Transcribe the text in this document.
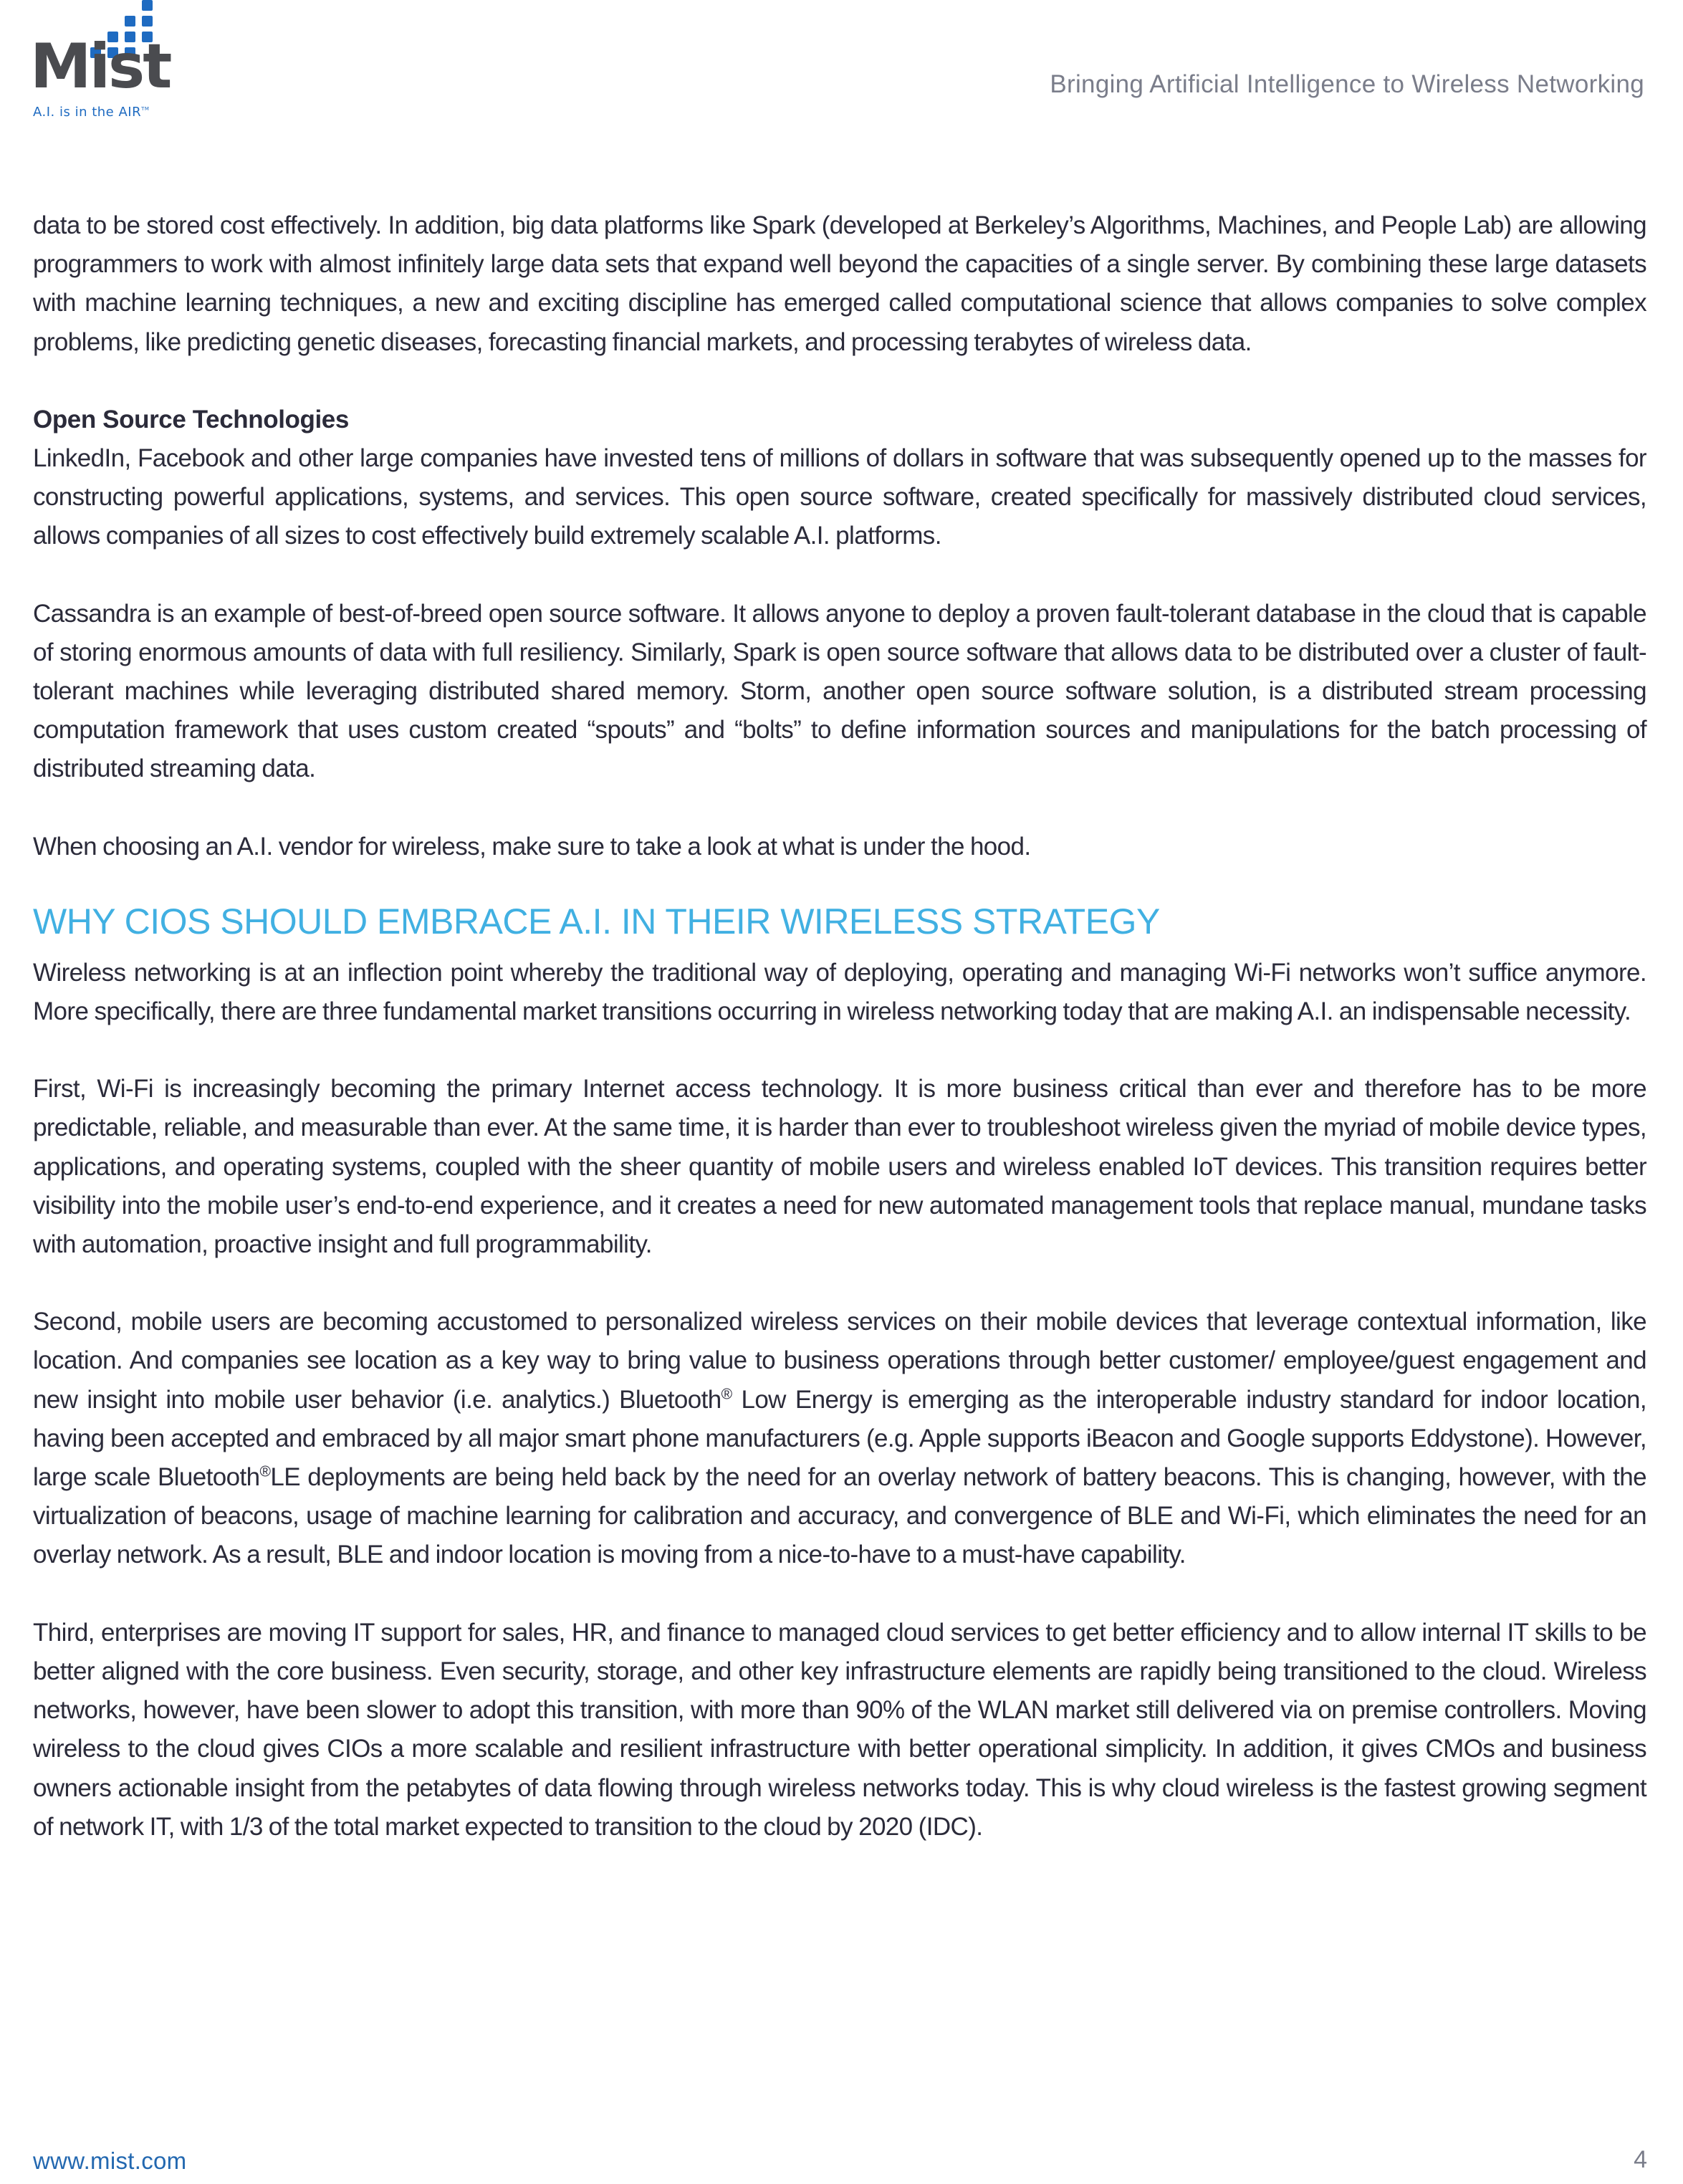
Mist
A.I. is in the AIR™
Bringing Artificial Intelligence to Wireless Networking

data to be stored cost effectively. In addition, big data platforms like Spark (developed at Berkeley’s Algorithms, Machines, and People Lab) are allowing programmers to work with almost infinitely large data sets that expand well beyond the capacities of a single server. By combining these large datasets with machine learning techniques, a new and exciting discipline has emerged called computational science that allows companies to solve complex problems, like predicting genetic diseases, forecasting financial markets, and processing terabytes of wireless data.

Open Source Technologies

LinkedIn, Facebook and other large companies have invested tens of millions of dollars in software that was subsequently opened up to the masses for constructing powerful applications, systems, and services. This open source software, created specifically for massively distributed cloud services, allows companies of all sizes to cost effectively build extremely scalable A.I. platforms.

Cassandra is an example of best-of-breed open source software. It allows anyone to deploy a proven fault-tolerant database in the cloud that is capable of storing enormous amounts of data with full resiliency. Similarly, Spark is open source software that allows data to be distributed over a cluster of fault-tolerant machines while leveraging distributed shared memory. Storm, another open source software solution, is a distributed stream processing computation framework that uses custom created “spouts” and “bolts” to define information sources and manipulations for the batch processing of distributed streaming data.

When choosing an A.I. vendor for wireless, make sure to take a look at what is under the hood.

WHY CIOS SHOULD EMBRACE A.I. IN THEIR WIRELESS STRATEGY

Wireless networking is at an inflection point whereby the traditional way of deploying, operating and managing Wi-Fi networks won’t suffice anymore. More specifically, there are three fundamental market transitions occurring in wireless networking today that are making A.I. an indispensable necessity.

First, Wi-Fi is increasingly becoming the primary Internet access technology. It is more business critical than ever and therefore has to be more predictable, reliable, and measurable than ever. At the same time, it is harder than ever to troubleshoot wireless given the myriad of mobile device types, applications, and operating systems, coupled with the sheer quantity of mobile users and wireless enabled IoT devices. This transition requires better visibility into the mobile user’s end-to-end experience, and it creates a need for new automated management tools that replace manual, mundane tasks with automation, proactive insight and full programmability.

Second, mobile users are becoming accustomed to personalized wireless services on their mobile devices that leverage contextual information, like location. And companies see location as a key way to bring value to business operations through better customer/ employee/guest engagement and new insight into mobile user behavior (i.e. analytics.) Bluetooth® Low Energy is emerging as the interoperable industry standard for indoor location, having been accepted and embraced by all major smart phone manufacturers (e.g. Apple supports iBeacon and Google supports Eddystone). However, large scale Bluetooth®LE deployments are being held back by the need for an overlay network of battery beacons. This is changing, however, with the virtualization of beacons, usage of machine learning for calibration and accuracy, and convergence of BLE and Wi-Fi, which eliminates the need for an overlay network. As a result, BLE and indoor location is moving from a nice-to-have to a must-have capability.

Third, enterprises are moving IT support for sales, HR, and finance to managed cloud services to get better efficiency and to allow internal IT skills to be better aligned with the core business. Even security, storage, and other key infrastructure elements are rapidly being transitioned to the cloud. Wireless networks, however, have been slower to adopt this transition, with more than 90% of the WLAN market still delivered via on premise controllers. Moving wireless to the cloud gives CIOs a more scalable and resilient infrastructure with better operational simplicity. In addition, it gives CMOs and business owners actionable insight from the petabytes of data flowing through wireless networks today. This is why cloud wireless is the fastest growing segment of network IT, with 1/3 of the total market expected to transition to the cloud by 2020 (IDC).

www.mist.com	4
